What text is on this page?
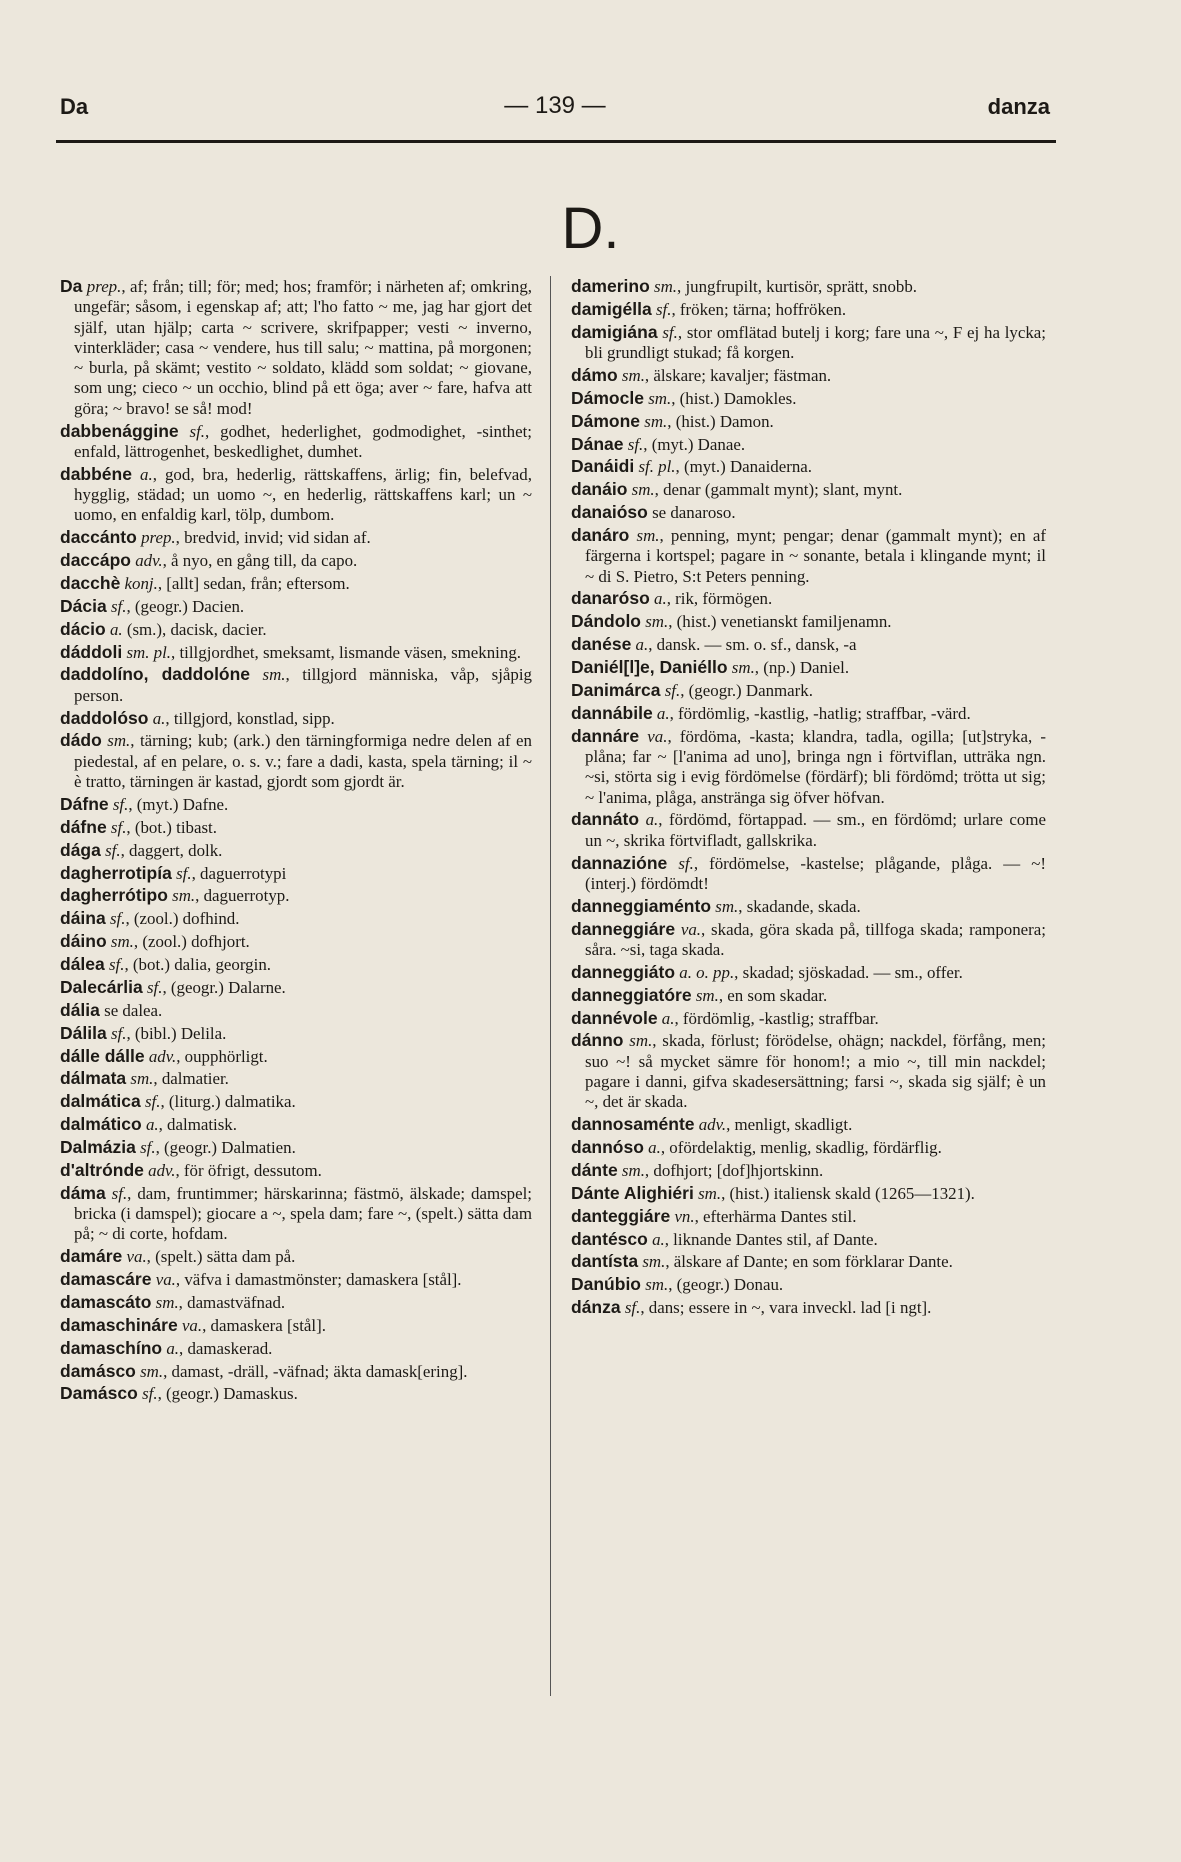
Da	— 139 —	danza
D.

Da prep., af; från; till; för; med; hos; framför; i närheten af; omkring, ungefär; såsom, i egenskap af; att; l'ho fatto ~ me, jag har gjort det själf, utan hjälp; carta ~ scrivere, skrifpapper; vesti ~ inverno, vinterkläder; casa ~ vendere, hus till salu; ~ mattina, på morgonen; ~ burla, på skämt; vestito ~ soldato, klädd som soldat; ~ giovane, som ung; cieco ~ un occhio, blind på ett öga; aver ~ fare, hafva att göra; ~ bravo! se så! mod!

dabbenággine sf., godhet, hederlighet, godmodighet, -sinthet; enfald, lättrogenhet, beskedlighet, dumhet.

dabbéne a., god, bra, hederlig, rättskaffens, ärlig; fin, belefvad, hygglig, städad; un uomo ~, en hederlig, rättskaffens karl; un ~ uomo, en enfaldig karl, tölp, dumbom.

daccánto prep., bredvid, invid; vid sidan af.

daccápo adv., å nyo, en gång till, da capo.

dacchè konj., [allt] sedan, från; eftersom.

Dácia sf., (geogr.) Dacien.

dácio a. (sm.), dacisk, dacier.

dáddoli sm. pl., tillgjordhet, smeksamt, lismande väsen, smekning.

daddolíno, daddolóne sm., tillgjord människa, våp, sjåpig person.

daddolóso a., tillgjord, konstlad, sipp.

dádo sm., tärning; kub; (ark.) den tärningformiga nedre delen af en piedestal, af en pelare, o. s. v.; fare a dadi, kasta, spela tärning; il ~ è tratto, tärningen är kastad, gjordt som gjordt är.

Dáfne sf., (myt.) Dafne.

dáfne sf., (bot.) tibast.

dága sf., daggert, dolk.

dagherrotipía sf., daguerrotypi

dagherrótipo sm., daguerrotyp.

dáina sf., (zool.) dofhind.

dáino sm., (zool.) dofhjort.

dálea sf., (bot.) dalia, georgin.

Dalecárlia sf., (geogr.) Dalarne.

dália se dalea.

Dálila sf., (bibl.) Delila.

dálle dálle adv., oupphörligt.

dálmata sm., dalmatier.

dalmática sf., (liturg.) dalmatika.

dalmático a., dalmatisk.

Dalmázia sf., (geogr.) Dalmatien.

d'altrónde adv., för öfrigt, dessutom.

dáma sf., dam, fruntimmer; härskarinna; fästmö, älskade; damspel; bricka (i damspel); giocare a ~, spela dam; fare ~, (spelt.) sätta dam på; ~ di corte, hofdam.

damáre va., (spelt.) sätta dam på.

damascáre va., väfva i damastmönster; damaskera [stål].

damascáto sm., damastväfnad.

damaschináre va., damaskera [stål].

damaschíno a., damaskerad.

damásco sm., damast, -dräll, -väfnad; äkta damask[ering].

Damásco sf., (geogr.) Damaskus.

damerino sm., jungfrupilt, kurtisör, sprätt, snobb.

damigélla sf., fröken; tärna; hoffröken.

damigiána sf., stor omflätad butelj i korg; fare una ~, F ej ha lycka; bli grundligt stukad; få korgen.

dámo sm., älskare; kavaljer; fästman.

Dámocle sm., (hist.) Damokles.

Dámone sm., (hist.) Damon.

Dánae sf., (myt.) Danae.

Danáidi sf. pl., (myt.) Danaiderna.

danáio sm., denar (gammalt mynt); slant, mynt.

danaióso se danaroso.

danáro sm., penning, mynt; pengar; denar (gammalt mynt); en af färgerna i kortspel; pagare in ~ sonante, betala i klingande mynt; il ~ di S. Pietro, S:t Peters penning.

danaróso a., rik, förmögen.

Dándolo sm., (hist.) venetianskt familjenamn.

danése a., dansk. — sm. o. sf., dansk, -a

Daniél[l]e, Daniéllo sm., (np.) Daniel.

Danimárca sf., (geogr.) Danmark.

dannábile a., fördömlig, -kastlig, -hatlig; straffbar, -värd.

dannáre va., fördöma, -kasta; klandra, tadla, ogilla; [ut]stryka, -plåna; far ~ [l'anima ad uno], bringa ngn i förtviflan, utträka ngn. ~si, störta sig i evig fördömelse (fördärf); bli fördömd; trötta ut sig; ~ l'anima, plåga, anstränga sig öfver höfvan.

dannáto a., fördömd, förtappad. — sm., en fördömd; urlare come un ~, skrika förtvifladt, gallskrika.

dannazióne sf., fördömelse, -kastelse; plågande, plåga. — ~! (interj.) fördömdt!

danneggiaménto sm., skadande, skada.

danneggiáre va., skada, göra skada på, tillfoga skada; ramponera; såra. ~si, taga skada.

danneggiáto a. o. pp., skadad; sjöskadad. — sm., offer.

danneggiatóre sm., en som skadar.

dannévole a., fördömlig, -kastlig; straffbar.

dánno sm., skada, förlust; förödelse, ohägn; nackdel, förfång, men; suo ~! så mycket sämre för honom!; a mio ~, till min nackdel; pagare i danni, gifva skadesersättning; farsi ~, skada sig själf; è un ~, det är skada.

dannosaménte adv., menligt, skadligt.

dannóso a., ofördelaktig, menlig, skadlig, fördärflig.

dánte sm., dofhjort; [dof]hjortskinn.

Dánte Alighiéri sm., (hist.) italiensk skald (1265—1321).

danteggiáre vn., efterhärma Dantes stil.

dantésco a., liknande Dantes stil, af Dante.

dantísta sm., älskare af Dante; en som förklarar Dante.

Danúbio sm., (geogr.) Donau.

dánza sf., dans; essere in ~, vara inveckl. lad [i ngt].
